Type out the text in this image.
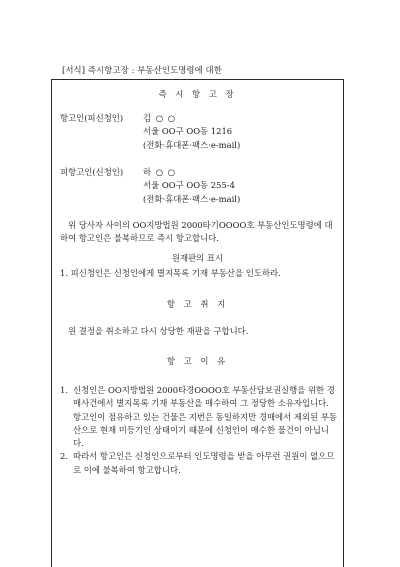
[서식] 즉시항고장 : 부동산인도명령에 대한
즉 시 항 고 장
항고인(피신청인) 김 ○ ○
서울 OO구 OO동 1216
(전화·휴대폰·팩스·e-mail)
피항고인(신청인) 하 ○ ○
서울 OO구 OO동 255-4
(전화·휴대폰·팩스·e-mail)
위 당사자 사이의 OO지방법원 2000타기OOOO호 부동산인도명령에 대하여 항고인은 불복하므로 즉시 항고합니다.
원재판의 표시
1. 피신청인은 신청인에게 별지목록 기재 부동산을 인도하라.
항 고 취 지
원 결정을 취소하고 다시 상당한 재판을 구합니다.
항 고 이 유
1. 신청인은 OO지방법원 2000타경OOOO호 부동산담보권실행을 위한 경매사건에서 별지목록 기재 부동산을 매수하여 그 정당한 소유자입니다. 항고인이 점유하고 있는 건물은 지번은 동일하지만 경매에서 제외된 부동산으로 현재 미등기인 상태이기 때문에 신청인이 매수한 물건이 아닙니다.
2. 따라서 항고인은 신청인으로부터 인도명령을 받을 아무런 권원이 없으므로 이에 불복하여 항고합니다.
